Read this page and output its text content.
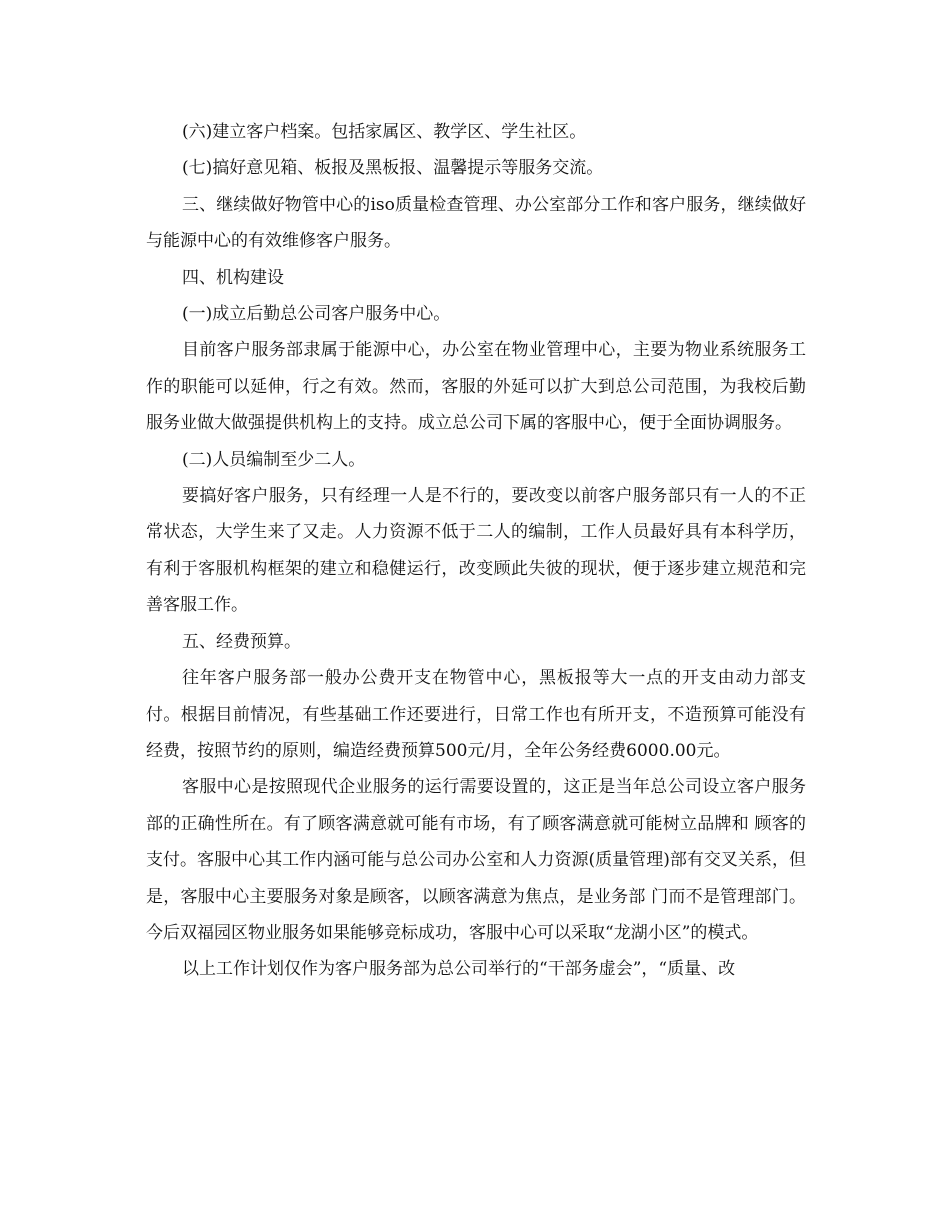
(六)建立客户档案。包括家属区、教学区、学生社区。

(七)搞好意见箱、板报及黑板报、温馨提示等服务交流。

三、继续做好物管中心的iso质量检查管理、办公室部分工作和客户服务，继续做好与能源中心的有效维修客户服务。

四、机构建设

(一)成立后勤总公司客户服务中心。

目前客户服务部隶属于能源中心，办公室在物业管理中心，主要为物业系统服务工作的职能可以延伸，行之有效。然而，客服的外延可以扩大到总公司范围，为我校后勤服务业做大做强提供机构上的支持。成立总公司下属的客服中心，便于全面协调服务。

(二)人员编制至少二人。

要搞好客户服务，只有经理一人是不行的，要改变以前客户服务部只有一人的不正常状态，大学生来了又走。人力资源不低于二人的编制，工作人员最好具有本科学历，有利于客服机构框架的建立和稳健运行，改变顾此失彼的现状，便于逐步建立规范和完善客服工作。

五、经费预算。

往年客户服务部一般办公费开支在物管中心，黑板报等大一点的开支由动力部支付。根据目前情况，有些基础工作还要进行，日常工作也有所开支，不造预算可能没有经费，按照节约的原则，编造经费预算500元/月，全年公务经费6000.00元。

客服中心是按照现代企业服务的运行需要设置的，这正是当年总公司设立客户服务部的正确性所在。有了顾客满意就可能有市场，有了顾客满意就可能树立品牌和 顾客的支付。客服中心其工作内涵可能与总公司办公室和人力资源(质量管理)部有交叉关系，但是，客服中心主要服务对象是顾客，以顾客满意为焦点，是业务部 门而不是管理部门。今后双福园区物业服务如果能够竞标成功，客服中心可以采取“龙湖小区”的模式。

以上工作计划仅作为客户服务部为总公司举行的“干部务虚会”，“质量、改
